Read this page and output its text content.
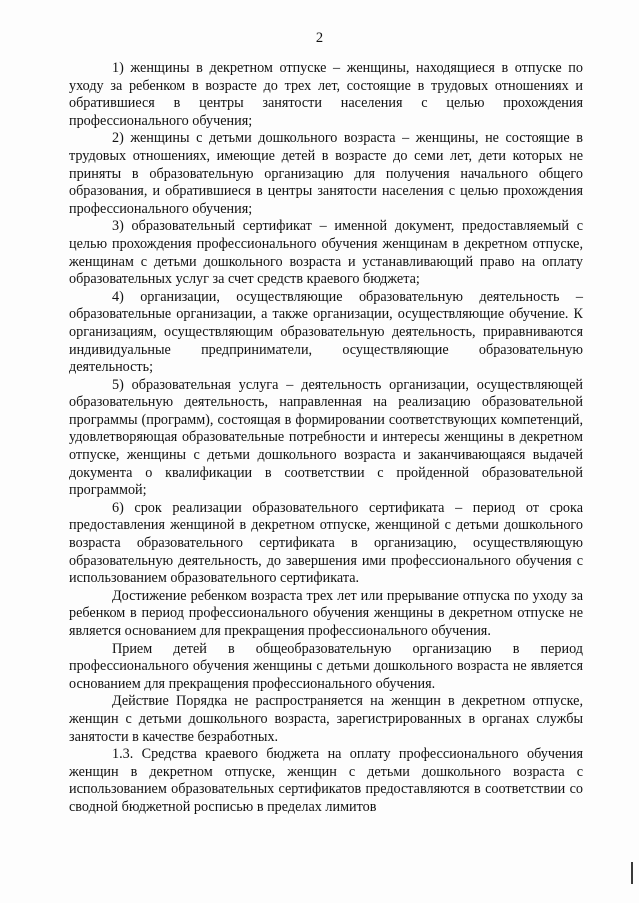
2

1) женщины в декретном отпуске – женщины, находящиеся в отпуске по уходу за ребенком в возрасте до трех лет, состоящие в трудовых отношениях и обратившиеся в центры занятости населения с целью прохождения профессионального обучения;

2) женщины с детьми дошкольного возраста – женщины, не состоящие в трудовых отношениях, имеющие детей в возрасте до семи лет, дети которых не приняты в образовательную организацию для получения начального общего образования, и обратившиеся в центры занятости населения с целью прохождения профессионального обучения;

3) образовательный сертификат – именной документ, предоставляемый с целью прохождения профессионального обучения женщинам в декретном отпуске, женщинам с детьми дошкольного возраста и устанавливающий право на оплату образовательных услуг за счет средств краевого бюджета;

4) организации, осуществляющие образовательную деятельность – образовательные организации, а также организации, осуществляющие обучение. К организациям, осуществляющим образовательную деятельность, приравниваются индивидуальные предприниматели, осуществляющие образовательную деятельность;

5) образовательная услуга – деятельность организации, осуществляющей образовательную деятельность, направленная на реализацию образовательной программы (программ), состоящая в формировании соответствующих компетенций, удовлетворяющая образовательные потребности и интересы женщины в декретном отпуске, женщины с детьми дошкольного возраста и заканчивающаяся выдачей документа о квалификации в соответствии с пройденной образовательной программой;

6) срок реализации образовательного сертификата – период от срока предоставления женщиной в декретном отпуске, женщиной с детьми дошкольного возраста образовательного сертификата в организацию, осуществляющую образовательную деятельность, до завершения ими профессионального обучения с использованием образовательного сертификата.

Достижение ребенком возраста трех лет или прерывание отпуска по уходу за ребенком в период профессионального обучения женщины в декретном отпуске не является основанием для прекращения профессионального обучения.

Прием детей в общеобразовательную организацию в период профессионального обучения женщины с детьми дошкольного возраста не является основанием для прекращения профессионального обучения.

Действие Порядка не распространяется на женщин в декретном отпуске, женщин с детьми дошкольного возраста, зарегистрированных в органах службы занятости в качестве безработных.

1.3. Средства краевого бюджета на оплату профессионального обучения женщин в декретном отпуске, женщин с детьми дошкольного возраста с использованием образовательных сертификатов предоставляются в соответствии со сводной бюджетной росписью в пределах лимитов
